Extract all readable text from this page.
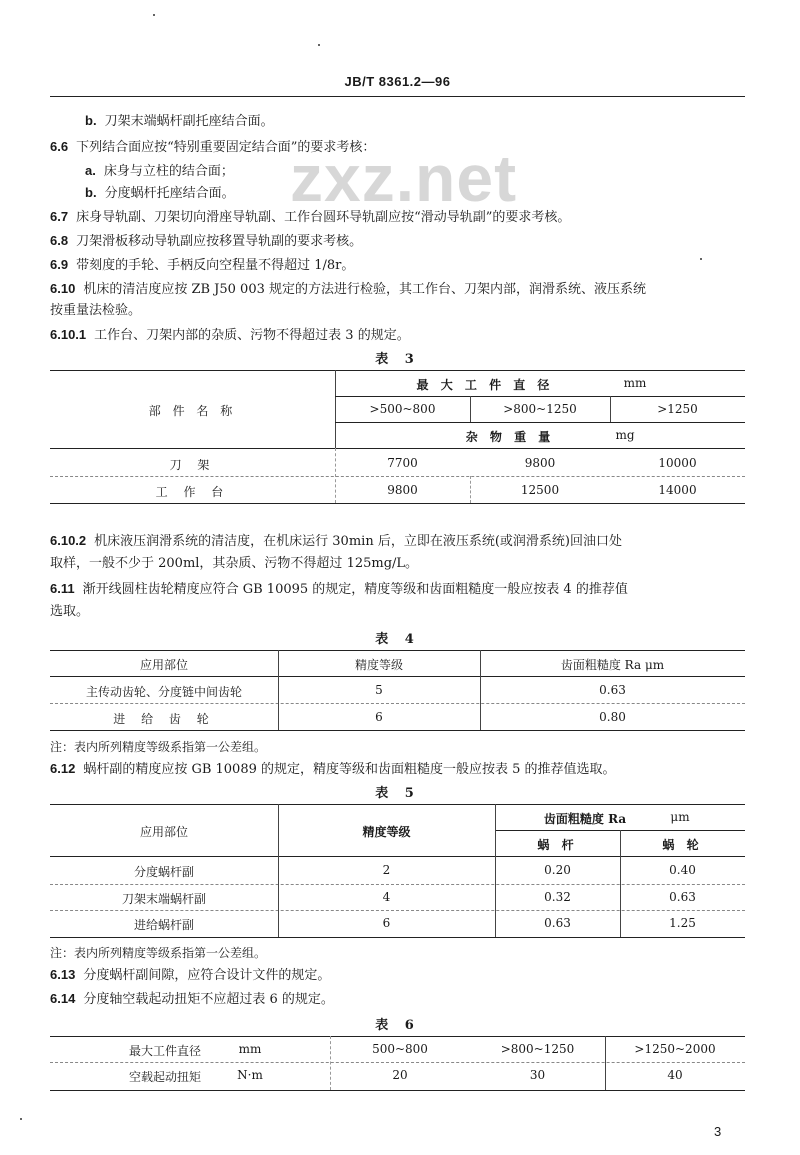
JB/T 8361.2—96
zxz.net
b. 刀架末端蜗杆副托座结合面。
6.6 下列结合面应按“特别重要固定结合面”的要求考核：
a. 床身与立柱的结合面；
b. 分度蜗杆托座结合面。
6.7 床身导轨副、刀架切向滑座导轨副、工作台圆环导轨副应按“滑动导轨副”的要求考核。
6.8 刀架滑板移动导轨副应按移置导轨副的要求考核。
6.9 带刻度的手轮、手柄反向空程量不得超过 1/8r。
6.10 机床的清洁度应按 ZB J50 003 规定的方法进行检验，其工作台、刀架内部，润滑系统、液压系统
按重量法检验。
6.10.1 工作台、刀架内部的杂质、污物不得超过表 3 的规定。
表 3
部 件 名 称
最 大 工 件 直 径	mm
>500~800	>800~1250	>1250
杂 物 重 量	mg
刀 架	7700	9800	10000
工 作 台	9800	12500	14000
6.10.2 机床液压润滑系统的清洁度，在机床运行 30min 后，立即在液压系统(或润滑系统)回油口处
取样，一般不少于 200ml，其杂质、污物不得超过 125mg/L。
6.11 渐开线圆柱齿轮精度应符合 GB 10095 的规定，精度等级和齿面粗糙度一般应按表 4 的推荐值
选取。
表 4
应用部位	精度等级	齿面粗糙度 Ra μm
主传动齿轮、分度链中间齿轮	5	0.63
进 给 齿 轮	6	0.80
注：表内所列精度等级系指第一公差组。
6.12 蜗杆副的精度应按 GB 10089 的规定，精度等级和齿面粗糙度一般应按表 5 的推荐值选取。
表 5
应用部位	精度等级
齿面粗糙度 Ra	μm
蜗 杆	蜗 轮
分度蜗杆副	2	0.20	0.40
刀架末端蜗杆副	4	0.32	0.63
进给蜗杆副	6	0.63	1.25
注：表内所列精度等级系指第一公差组。
6.13 分度蜗杆副间隙，应符合设计文件的规定。
6.14 分度轴空载起动扭矩不应超过表 6 的规定。
表 6
最大工件直径	mm	500~800	>800~1250	>1250~2000
空载起动扭矩	N·m	20	30	40
3
